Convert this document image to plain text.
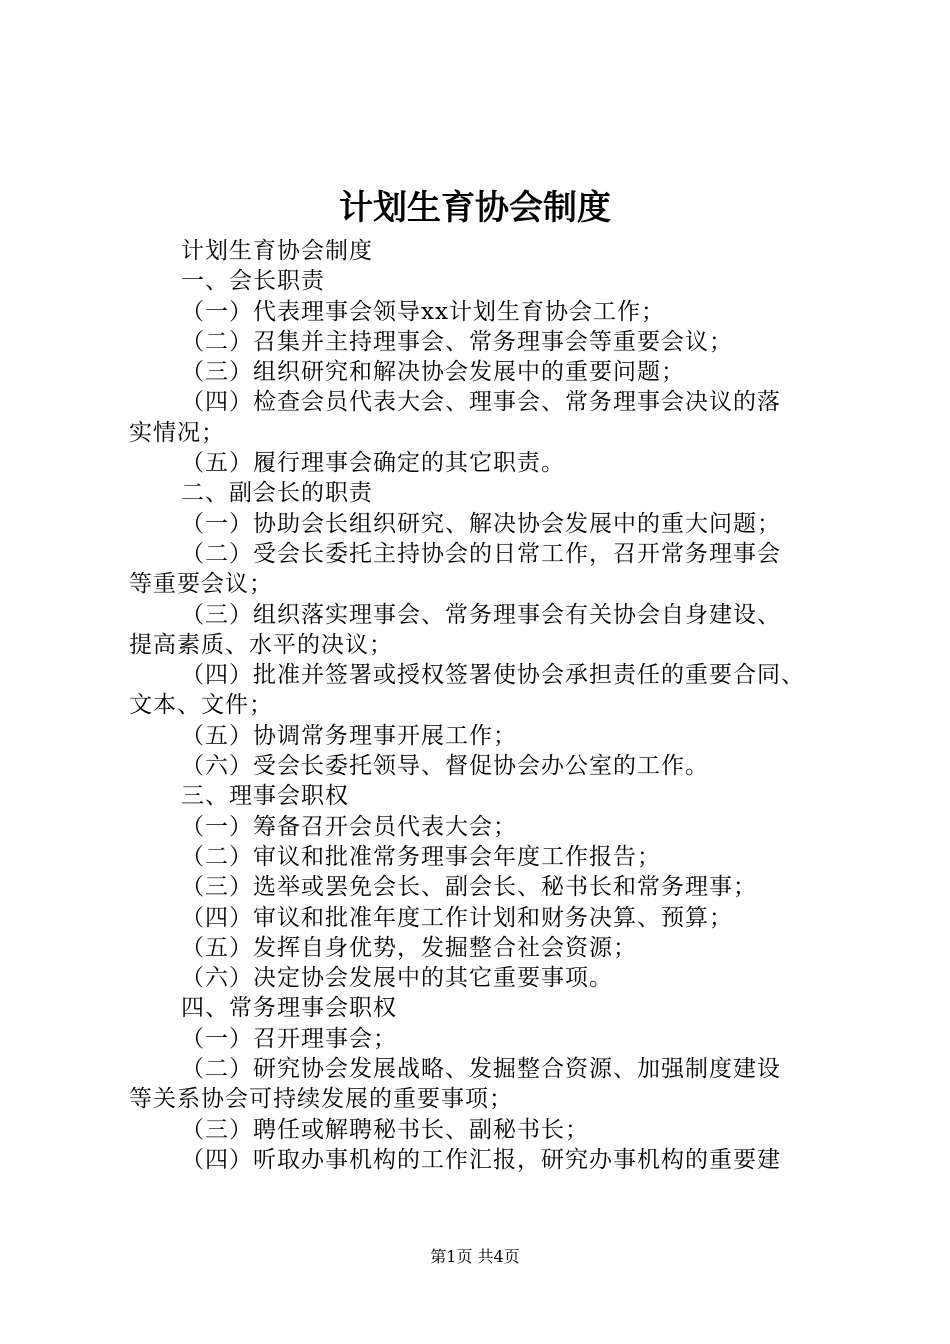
计划生育协会制度
计划生育协会制度
一、会长职责
（一）代表理事会领导xx计划生育协会工作；
（二）召集并主持理事会、常务理事会等重要会议；
（三）组织研究和解决协会发展中的重要问题；
（四）检查会员代表大会、理事会、常务理事会决议的落
实情况；
（五）履行理事会确定的其它职责。
二、副会长的职责
（一）协助会长组织研究、解决协会发展中的重大问题；
（二）受会长委托主持协会的日常工作，召开常务理事会
等重要会议；
（三）组织落实理事会、常务理事会有关协会自身建设、
提高素质、水平的决议；
（四）批准并签署或授权签署使协会承担责任的重要合同、
文本、文件；
（五）协调常务理事开展工作；
（六）受会长委托领导、督促协会办公室的工作。
三、理事会职权
（一）筹备召开会员代表大会；
（二）审议和批准常务理事会年度工作报告；
（三）选举或罢免会长、副会长、秘书长和常务理事；
（四）审议和批准年度工作计划和财务决算、预算；
（五）发挥自身优势，发掘整合社会资源；
（六）决定协会发展中的其它重要事项。
四、常务理事会职权
（一）召开理事会；
（二）研究协会发展战略、发掘整合资源、加强制度建设
等关系协会可持续发展的重要事项；
（三）聘任或解聘秘书长、副秘书长；
（四）听取办事机构的工作汇报，研究办事机构的重要建
第1页 共4页
